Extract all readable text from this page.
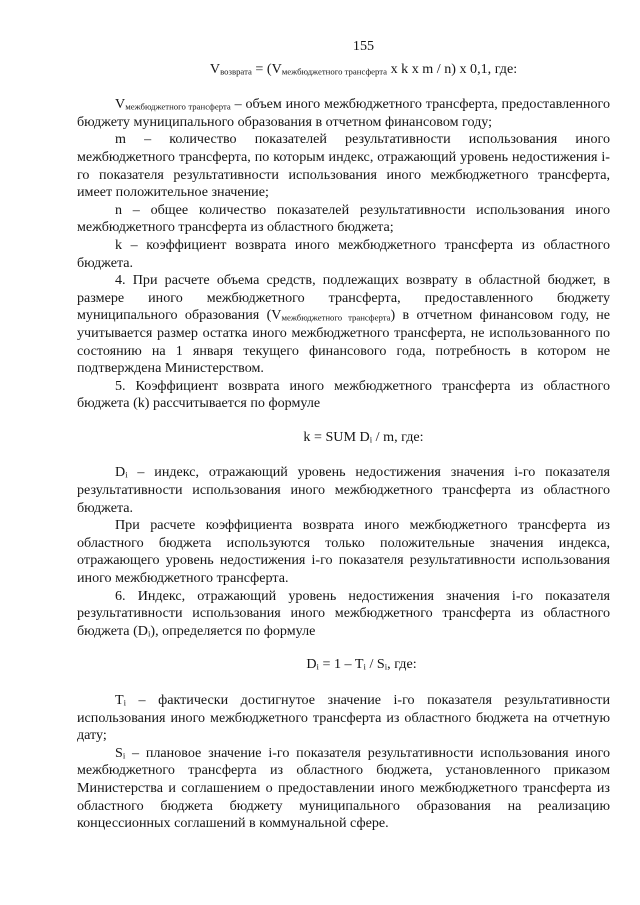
155

$V_{возврата} = (V_{межбюджетного трансферта}$ x k x m / n) x 0,1, где:

$V_{межбюджетного трансферта}$ – объем иного межбюджетного трансферта, предоставленного бюджету муниципального образования в отчетном финансовом году;

m – количество показателей результативности использования иного межбюджетного трансферта, по которым индекс, отражающий уровень недостижения i-го показателя результативности использования иного межбюджетного трансферта, имеет положительное значение;

n – общее количество показателей результативности использования иного межбюджетного трансферта из областного бюджета;

k – коэффициент возврата иного межбюджетного трансферта из областного бюджета.

4. При расчете объема средств, подлежащих возврату в областной бюджет, в размере иного межбюджетного трансферта, предоставленного бюджету муниципального образования $(V_{межбюджетного трансферта})$ в отчетном финансовом году, не учитывается размер остатка иного межбюджетного трансферта, не использованного по состоянию на 1 января текущего финансового года, потребность в котором не подтверждена Министерством.

5. Коэффициент возврата иного межбюджетного трансферта из областного бюджета (k) рассчитывается по формуле

k = SUM $D_i$ / m, где:

$D_i$ – индекс, отражающий уровень недостижения значения i-го показателя результативности использования иного межбюджетного трансферта из областного бюджета.

При расчете коэффициента возврата иного межбюджетного трансферта из областного бюджета используются только положительные значения индекса, отражающего уровень недостижения i-го показателя результативности использования иного межбюджетного трансферта.

6. Индекс, отражающий уровень недостижения значения i-го показателя результативности использования иного межбюджетного трансферта из областного бюджета $(D_i)$, определяется по формуле

$D_i = 1 - T_i / S_i$, где:

$T_i$ – фактически достигнутое значение i-го показателя результативности использования иного межбюджетного трансферта из областного бюджета на отчетную дату;

$S_i$ – плановое значение i-го показателя результативности использования иного межбюджетного трансферта из областного бюджета, установленного приказом Министерства и соглашением о предоставлении иного межбюджетного трансферта из областного бюджета бюджету муниципального образования на реализацию концессионных соглашений в коммунальной сфере.
